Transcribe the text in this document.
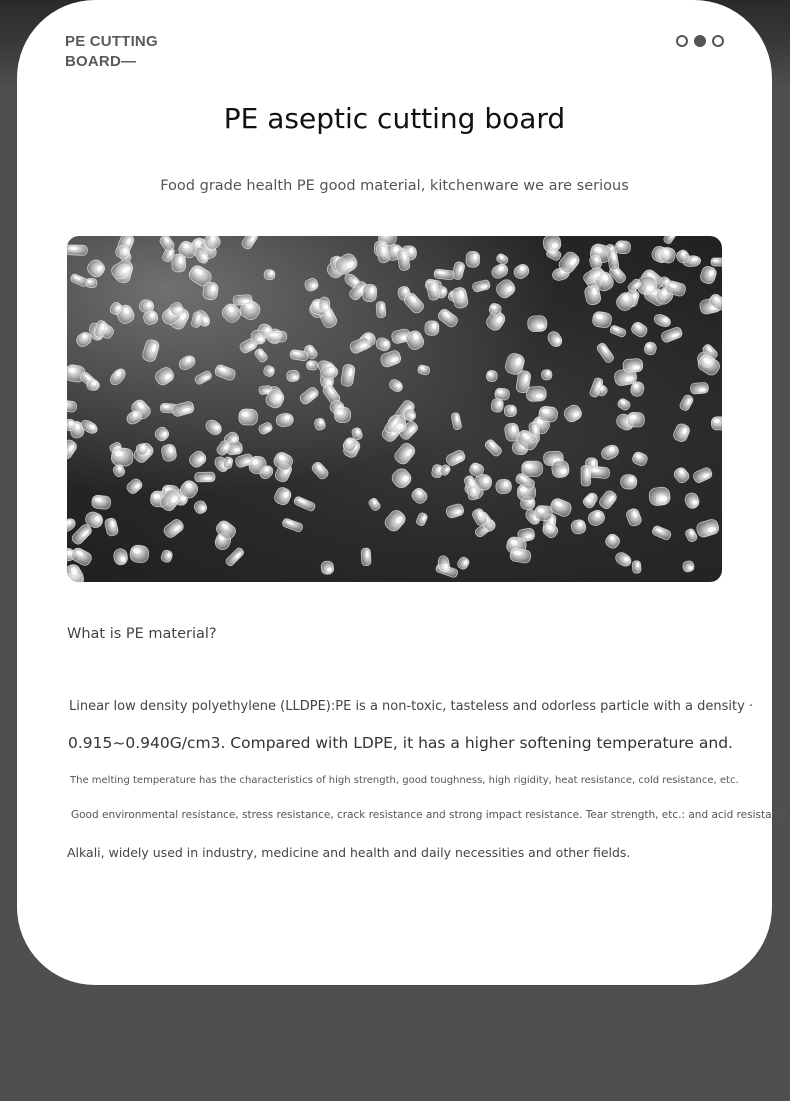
PE CUTTING
BOARD—
PE aseptic cutting board
Food grade health PE good material, kitchenware we are serious
What is PE material?
Linear low density polyethylene (LLDPE):PE is a non-toxic, tasteless and odorless particle with a density ·
0.915~0.940G/cm3. Compared with LDPE, it has a higher softening temperature and.
The melting temperature has the characteristics of high strength, good toughness, high rigidity, heat resistance, cold resistance, etc.
Good environmental resistance, stress resistance, crack resistance and strong impact resistance. Tear strength, etc.: and acid resistance
Alkali, widely used in industry, medicine and health and daily necessities and other fields.
